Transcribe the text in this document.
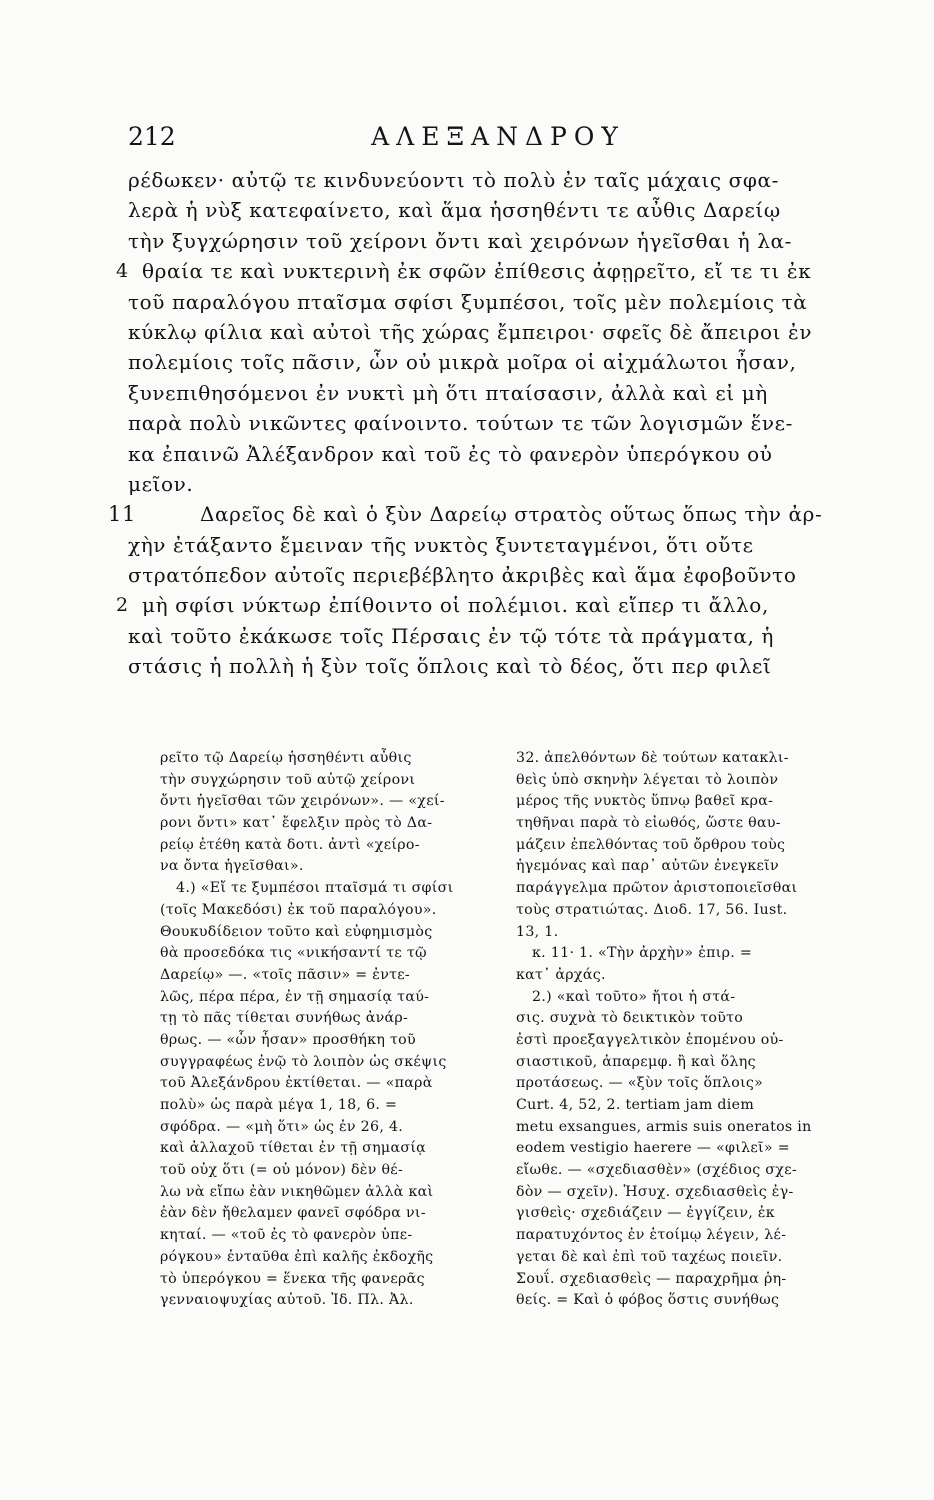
212	ΑΛΕΞΑΝΔΡΟΥ
ρέδωκεν· αὐτῷ τε κινδυνεύοντι τὸ πολὺ ἐν ταῖς μάχαις σφα-
λερὰ ἡ νὺξ κατεφαίνετο, καὶ ἅμα ἡσσηθέντι τε αὖθις Δαρείῳ
τὴν ξυγχώρησιν τοῦ χείρονι ὄντι καὶ χειρόνων ἡγεῖσθαι ἡ λα-
4 θραία τε καὶ νυκτερινὴ ἐκ σφῶν ἐπίθεσις ἀφῃρεῖτο, εἴ τε τι ἐκ
τοῦ παραλόγου πταῖσμα σφίσι ξυμπέσοι, τοῖς μὲν πολεμίοις τὰ
κύκλῳ φίλια καὶ αὐτοὶ τῆς χώρας ἔμπειροι· σφεῖς δὲ ἄπειροι ἐν
πολεμίοις τοῖς πᾶσιν, ὧν οὐ μικρὰ μοῖρα οἱ αἰχμάλωτοι ἦσαν,
ξυνεπιθησόμενοι ἐν νυκτὶ μὴ ὅτι πταίσασιν, ἀλλὰ καὶ εἰ μὴ
παρὰ πολὺ νικῶντες φαίνοιντο. τούτων τε τῶν λογισμῶν ἕνε-
κα ἐπαινῶ Ἀλέξανδρον καὶ τοῦ ἐς τὸ φανερὸν ὑπερόγκου οὐ
μεῖον.
11	Δαρεῖος δὲ καὶ ὁ ξὺν Δαρείῳ στρατὸς οὕτως ὅπως τὴν ἀρ-
χὴν ἐτάξαντο ἔμειναν τῆς νυκτὸς ξυντεταγμένοι, ὅτι οὔτε
στρατόπεδον αὐτοῖς περιεβέβλητο ἀκριβὲς καὶ ἅμα ἐφοβοῦντο
2 μὴ σφίσι νύκτωρ ἐπίθοιντο οἱ πολέμιοι. καὶ εἴπερ τι ἄλλο,
καὶ τοῦτο ἐκάκωσε τοῖς Πέρσαις ἐν τῷ τότε τὰ πράγματα, ἡ
στάσις ἡ πολλὴ ἡ ξὺν τοῖς ὅπλοις καὶ τὸ δέος, ὅτι περ φιλεῖ
ρεῖτο τῷ Δαρείῳ ἡσσηθέντι αὖθις
τὴν συγχώρησιν τοῦ αὐτῷ χείρονι
ὄντι ἡγεῖσθαι τῶν χειρόνων». — «χεί-
ρονι ὄντι» κατ᾿ ἔφελξιν πρὸς τὸ Δα-
ρείῳ ἐτέθη κατὰ δοτι. ἀντὶ «χείρο-
να ὄντα ἡγεῖσθαι».
4.) «Εἴ τε ξυμπέσοι πταῖσμά τι σφίσι
(τοῖς Μακεδόσι) ἐκ τοῦ παραλόγου».
Θουκυδίδειον τοῦτο καὶ εὐφημισμὸς
θὰ προσεδόκα τις «νικήσαντί τε τῷ
Δαρείῳ» —. «τοῖς πᾶσιν» = ἐντε-
λῶς, πέρα πέρα, ἐν τῇ σημασίᾳ ταύ-
τῃ τὸ πᾶς τίθεται συνήθως ἀνάρ-
θρως. — «ὧν ἦσαν» προσθήκη τοῦ
συγγραφέως ἐνῷ τὸ λοιπὸν ὡς σκέψις
τοῦ Ἀλεξάνδρου ἐκτίθεται. — «παρὰ
πολὺ» ὡς παρὰ μέγα 1, 18, 6. =
σφόδρα. — «μὴ ὅτι» ὡς ἐν 26, 4.
καὶ ἀλλαχοῦ τίθεται ἐν τῇ σημασίᾳ
τοῦ οὐχ ὅτι (= οὐ μόνον) δὲν θέ-
λω νὰ εἴπω ἐὰν νικηθῶμεν ἀλλὰ καὶ
ἐὰν δὲν ἤθελαμεν φανεῖ σφόδρα νι-
κηταί. — «τοῦ ἐς τὸ φανερὸν ὑπε-
ρόγκου» ἐνταῦθα ἐπὶ καλῆς ἐκδοχῆς
τὸ ὑπερόγκου = ἕνεκα τῆς φανερᾶς
γενναιοψυχίας αὐτοῦ. Ἰδ. Πλ. Ἀλ.
32. ἀπελθόντων δὲ τούτων κατακλι-
θεὶς ὑπὸ σκηνὴν λέγεται τὸ λοιπὸν
μέρος τῆς νυκτὸς ὕπνῳ βαθεῖ κρα-
τηθῆναι παρὰ τὸ εἰωθός, ὥστε θαυ-
μάζειν ἐπελθόντας τοῦ ὄρθρου τοὺς
ἡγεμόνας καὶ παρ᾿ αὐτῶν ἐνεγκεῖν
παράγγελμα πρῶτον ἀριστοποιεῖσθαι
τοὺς στρατιώτας. Διοδ. 17, 56. Iust.
13, 1.
κ. 11· 1. «Τὴν ἀρχὴν» ἐπιρ. =
κατ᾿ ἀρχάς.
2.) «καὶ τοῦτο» ἤτοι ἡ στά-
σις. συχνὰ τὸ δεικτικὸν τοῦτο
ἐστὶ προεξαγγελτικὸν ἑπομένου οὐ-
σιαστικοῦ, ἀπαρεμφ. ἢ καὶ ὅλης
προτάσεως. — «ξὺν τοῖς ὅπλοις»
Curt. 4, 52, 2. tertiam jam diem
metu exsangues, armis suis oneratos in
eodem vestigio haerere — «φιλεῖ» =
εἴωθε. — «σχεδιασθὲν» (σχέδιος σχε-
δὸν — σχεῖν). Ἡσυχ. σχεδιασθεὶς ἐγ-
γισθεὶς· σχεδιάζειν — ἐγγίζειν, ἐκ
παρατυχόντος ἐν ἑτοίμῳ λέγειν, λέ-
γεται δὲ καὶ ἐπὶ τοῦ ταχέως ποιεῖν.
Σουΐ. σχεδιασθεὶς — παραχρῆμα ῥη-
θείς. = Καὶ ὁ φόβος ὅστις συνήθως
